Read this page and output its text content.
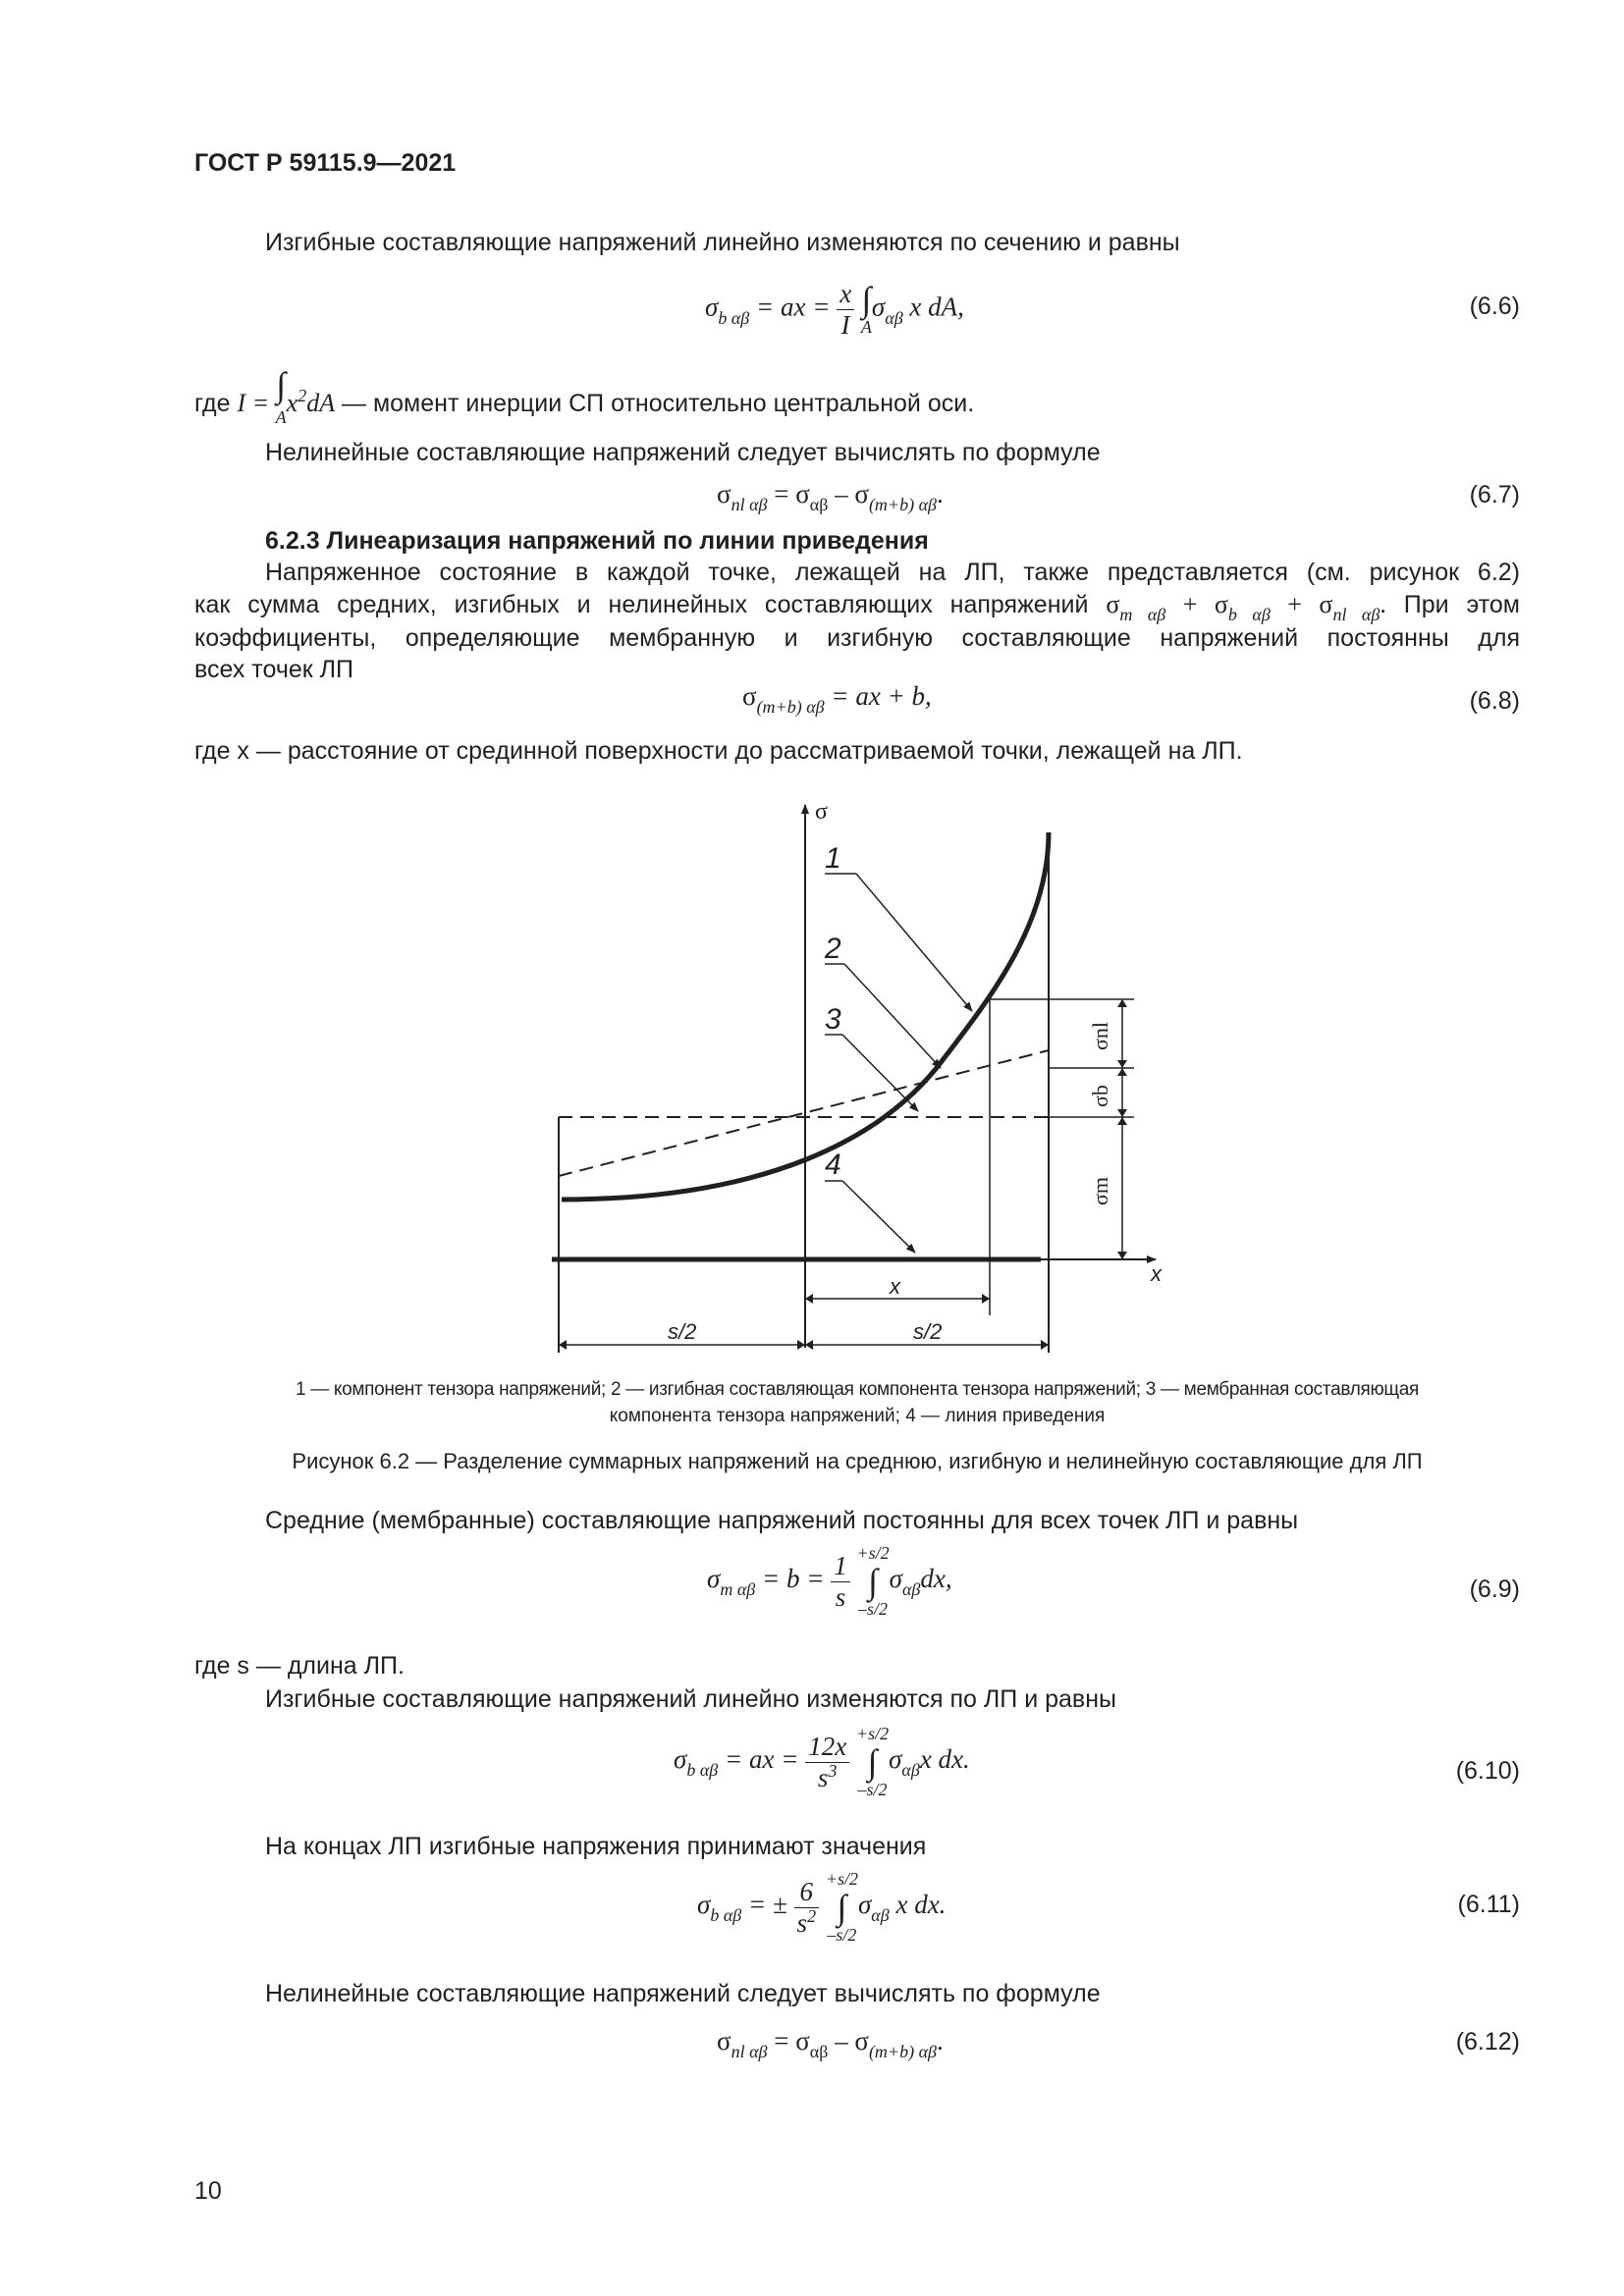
ГОСТ Р 59115.9—2021
Изгибные составляющие напряжений линейно изменяются по сечению и равны
$\sigma_{b \alpha\beta}$ = ax = $\frac{x}{I}$
∫
A
$\sigma_{\alpha\beta}$ x dA,	(6.6)
где I = ∫
A
$x^2dA$ — момент инерции СП относительно центральной оси.
Нелинейные составляющие напряжений следует вычислять по формуле
$\sigma_{nl \alpha\beta} = \sigma_{\alpha\beta} - \sigma_{(m+b) \alpha\beta}$.	(6.7)
6.2.3 Линеаризация напряжений по линии приведения
Напряженное состояние в каждой точке, лежащей на ЛП, также представляется (см. рисунок 6.2)
как сумма средних, изгибных и нелинейных составляющих напряжений $\sigma_{m \alpha\beta} + \sigma_{b \alpha\beta} + \sigma_{nl \alpha\beta}$. При этом
коэффициенты, определяющие мембранную и изгибную составляющие напряжений постоянны для
всех точек ЛП
$\sigma_{(m+b) \alpha\beta}$ = ax + b,	(6.8)
где x — расстояние от срединной поверхности до рассматриваемой точки, лежащей на ЛП.
σ
1
2
3
4
x
x
s/2	s/2
σnl
σb
σm
1 — компонент тензора напряжений; 2 — изгибная составляющая компонента тензора напряжений; 3 — мембранная составляющая
компонента тензора напряжений; 4 — линия приведения
Рисунок 6.2 — Разделение суммарных напряжений на среднюю, изгибную и нелинейную составляющие для ЛП
Средние (мембранные) составляющие напряжений постоянны для всех точек ЛП и равны
$\sigma_{m \alpha\beta} = b = \frac{1}{s}$
+s/2
∫
–s/2
$\sigma_{\alpha\beta}dx$,	(6.9)
где s — длина ЛП.
Изгибные составляющие напряжений линейно изменяются по ЛП и равны
$\sigma_{b \alpha\beta}$ = ax = $\frac{12x}{s^3}$
+s/2
∫
–s/2
$\sigma_{\alpha\beta}x$ dx.	(6.10)
На концах ЛП изгибные напряжения принимают значения
$\sigma_{b \alpha\beta}$ = ± $\frac{6}{s^2}$
+s/2
∫
–s/2
$\sigma_{\alpha\beta}$ x dx.	(6.11)
Нелинейные составляющие напряжений следует вычислять по формуле
$\sigma_{nl \alpha\beta} = \sigma_{\alpha\beta} - \sigma_{(m+b) \alpha\beta}$.	(6.12)
10
